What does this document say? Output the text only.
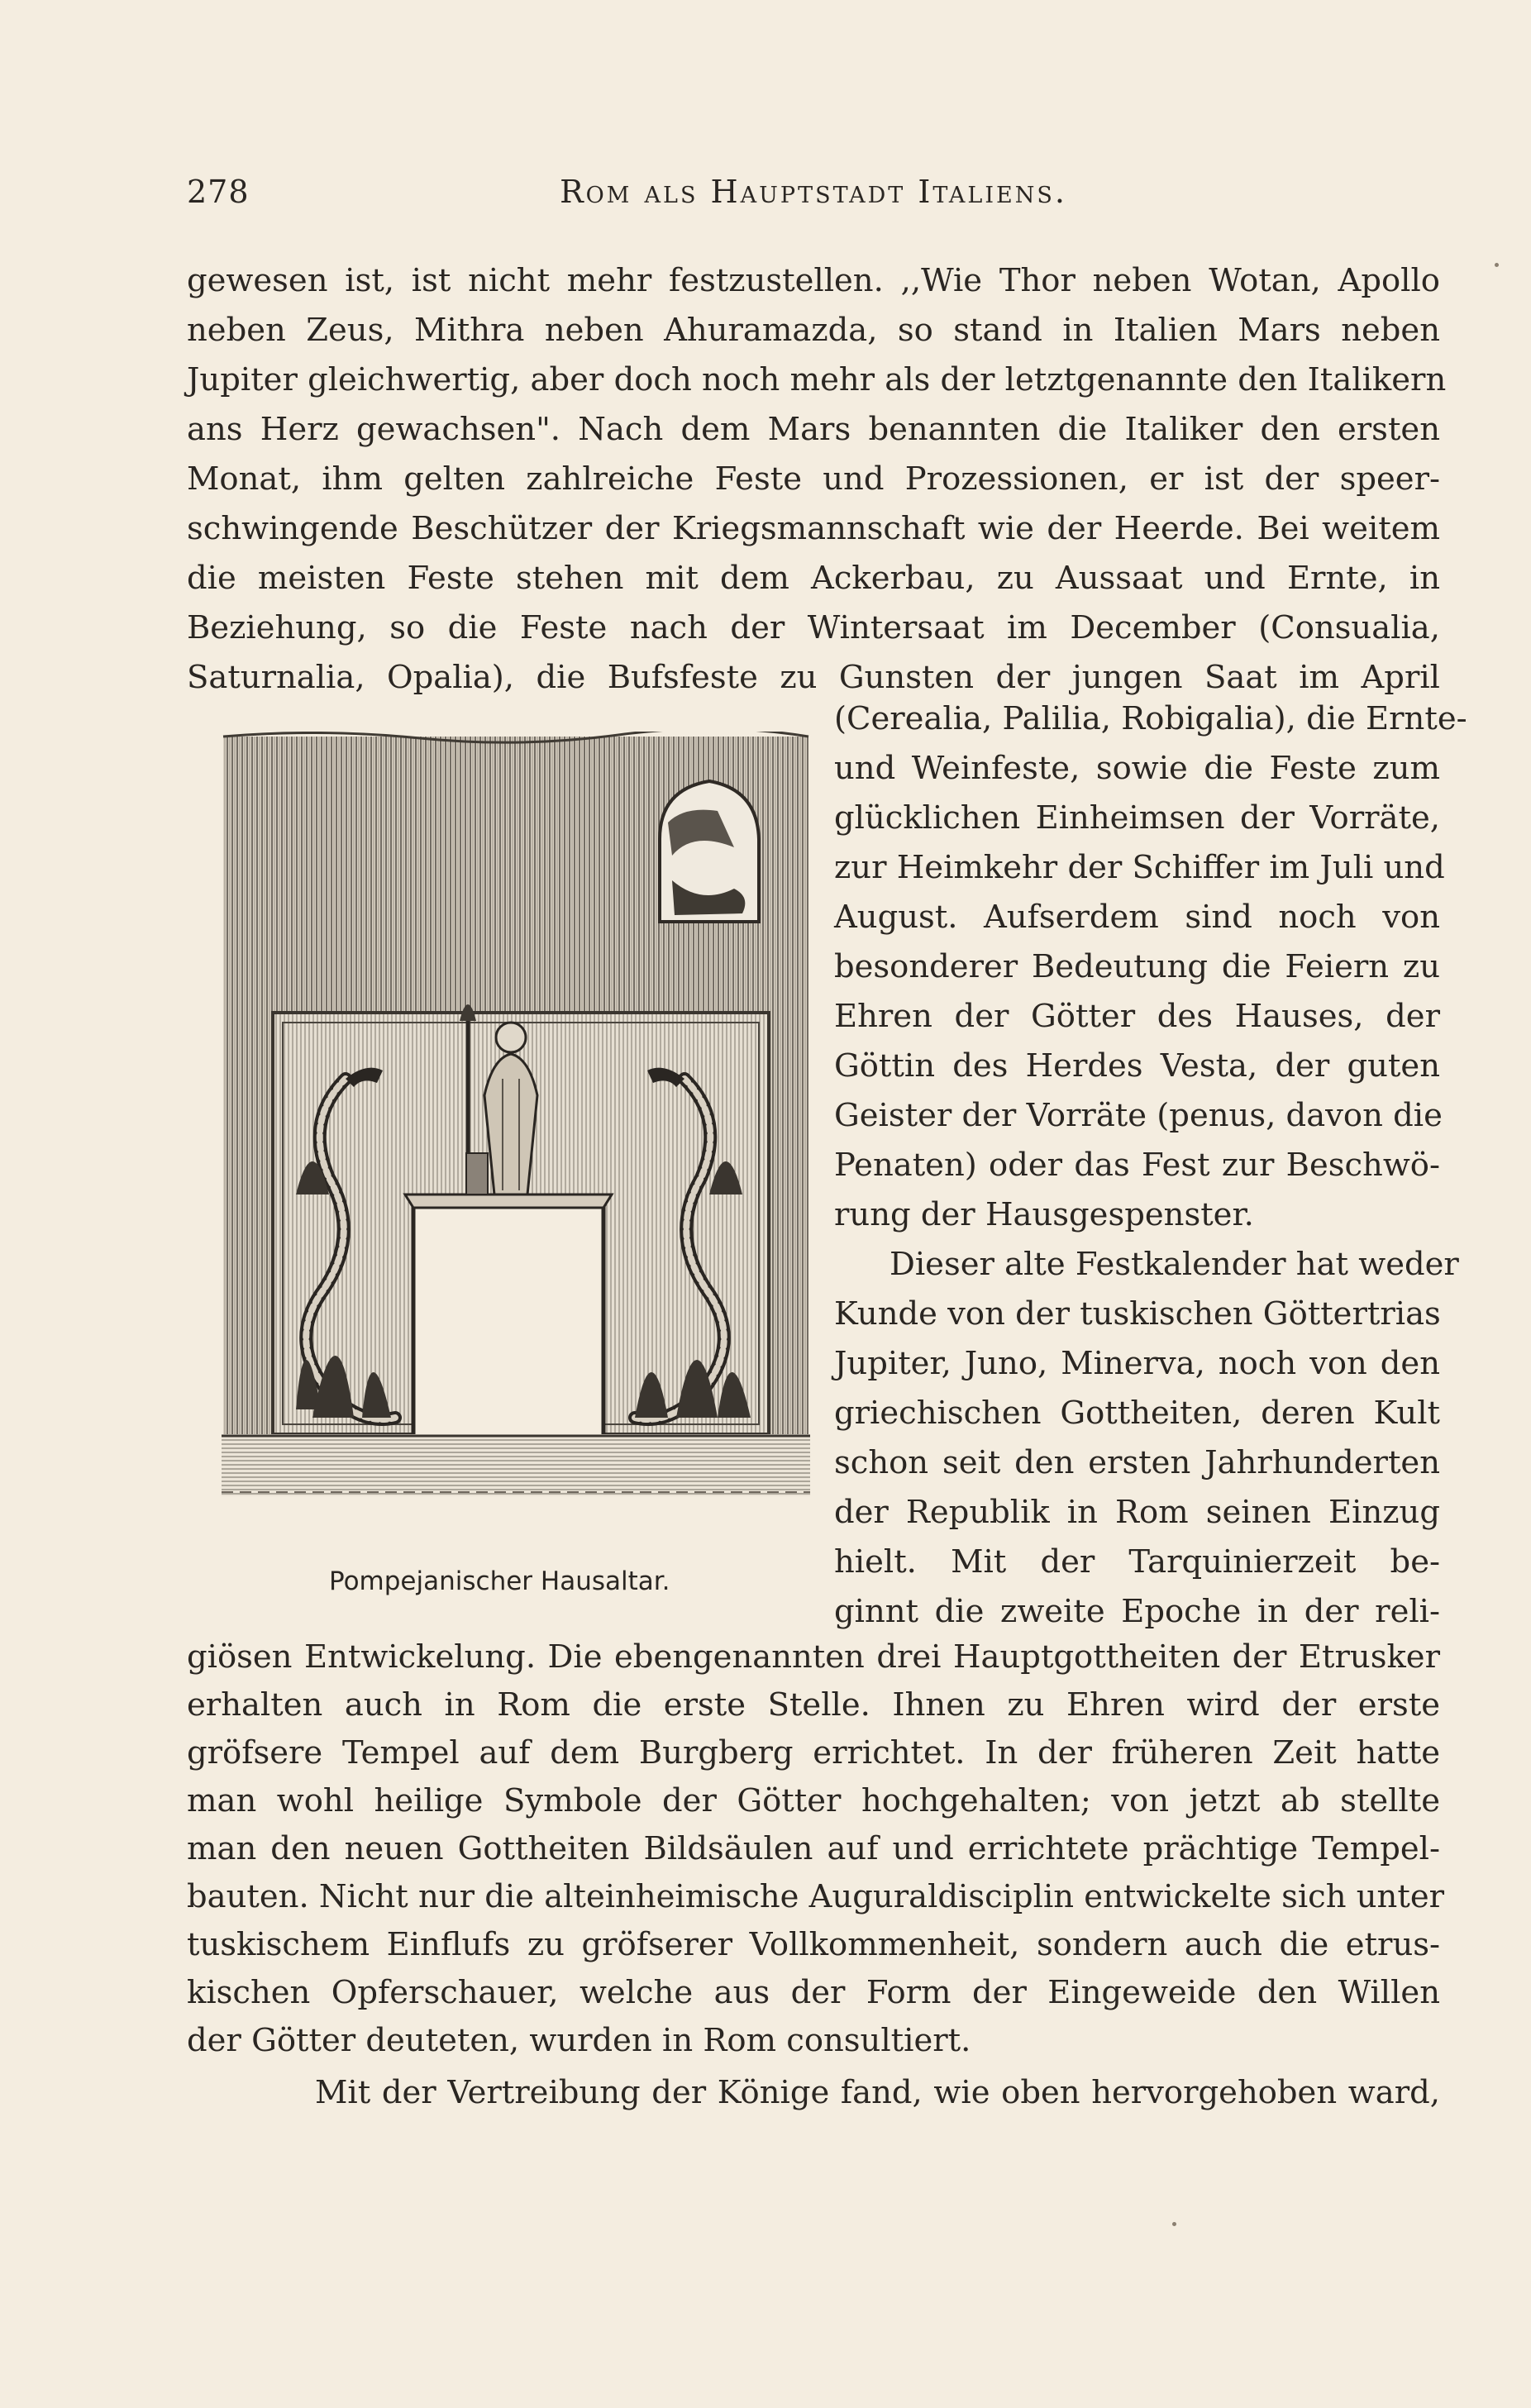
278	Rom als Hauptstadt Italiens.
gewesen ist, ist nicht mehr festzustellen. ,,Wie Thor neben Wotan, Apollo
neben Zeus, Mithra neben Ahuramazda, so stand in Italien Mars neben
Jupiter gleichwertig, aber doch noch mehr als der letztgenannte den Italikern
ans Herz gewachsen". Nach dem Mars benannten die Italiker den ersten
Monat, ihm gelten zahlreiche Feste und Prozessionen, er ist der speer-
schwingende Beschützer der Kriegsmannschaft wie der Heerde. Bei weitem
die meisten Feste stehen mit dem Ackerbau, zu Aussaat und Ernte, in
Beziehung, so die Feste nach der Wintersaat im December (Consualia,
Saturnalia, Opalia), die Bufsfeste zu Gunsten der jungen Saat im April
(Cerealia, Palilia, Robigalia), die Ernte-
und Weinfeste, sowie die Feste zum
glücklichen Einheimsen der Vorräte,
zur Heimkehr der Schiffer im Juli und
August. Aufserdem sind noch von
besonderer Bedeutung die Feiern zu
Ehren der Götter des Hauses, der
Göttin des Herdes Vesta, der guten
Geister der Vorräte (penus, davon die
Penaten) oder das Fest zur Beschwö-
rung der Hausgespenster.
Dieser alte Festkalender hat weder
Kunde von der tuskischen Göttertrias
Jupiter, Juno, Minerva, noch von den
griechischen Gottheiten, deren Kult
schon seit den ersten Jahrhunderten
der Republik in Rom seinen Einzug
hielt. Mit der Tarquinierzeit be-
ginnt die zweite Epoche in der reli-
giösen Entwickelung. Die ebengenannten drei Hauptgottheiten der Etrusker
erhalten auch in Rom die erste Stelle. Ihnen zu Ehren wird der erste
gröfsere Tempel auf dem Burgberg errichtet. In der früheren Zeit hatte
man wohl heilige Symbole der Götter hochgehalten; von jetzt ab stellte
man den neuen Gottheiten Bildsäulen auf und errichtete prächtige Tempel-
bauten. Nicht nur die alteinheimische Auguraldisciplin entwickelte sich unter
tuskischem Einflufs zu gröfserer Vollkommenheit, sondern auch die etrus-
kischen Opferschauer, welche aus der Form der Eingeweide den Willen
der Götter deuteten, wurden in Rom consultiert.
Mit der Vertreibung der Könige fand, wie oben hervorgehoben ward,
Pompejanischer Hausaltar.
